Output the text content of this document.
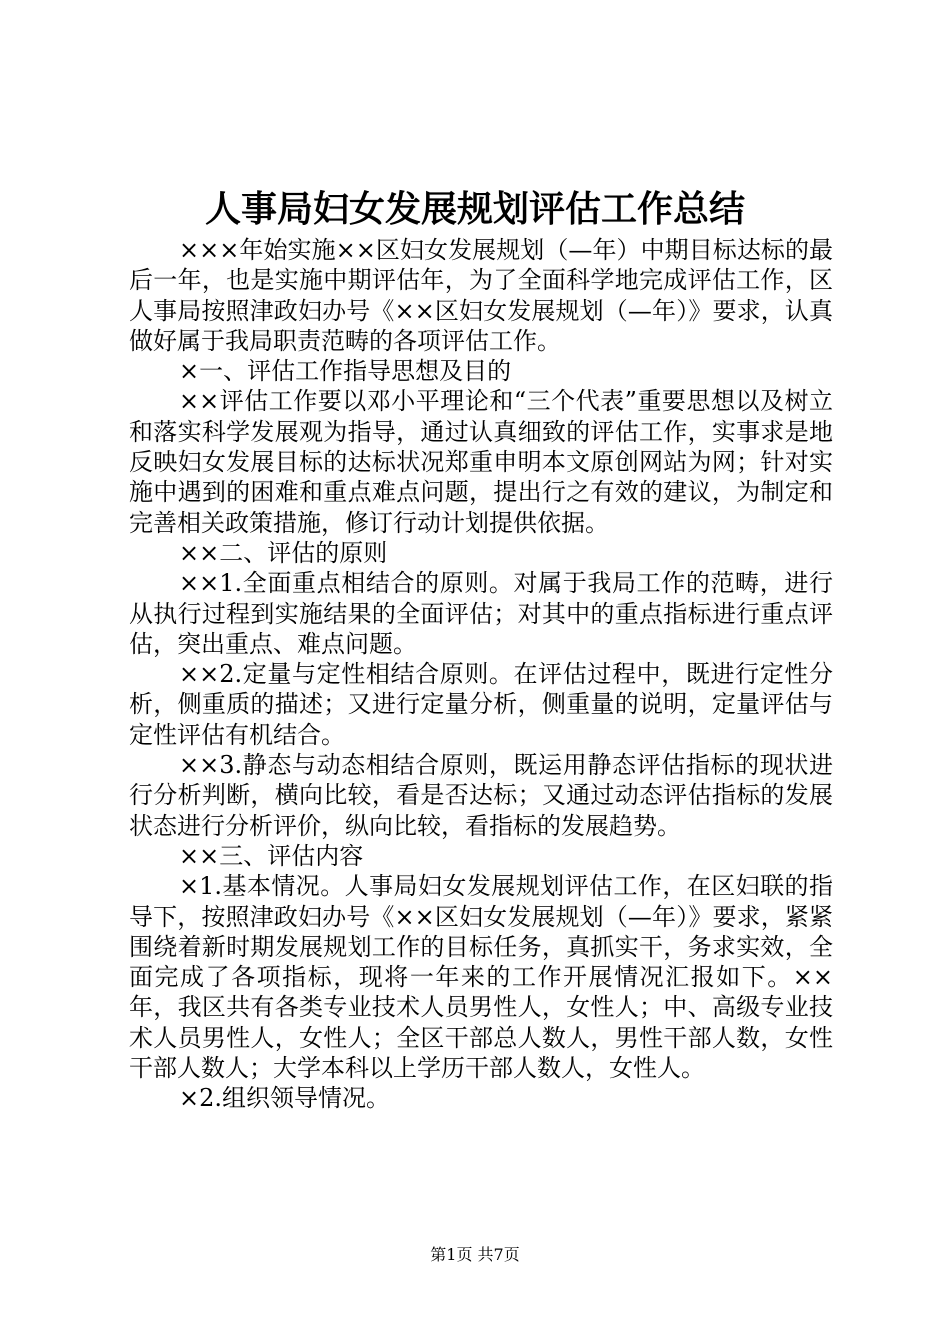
人事局妇女发展规划评估工作总结

×××年始实施××区妇女发展规划（—年）中期目标达标的最后一年，也是实施中期评估年，为了全面科学地完成评估工作，区人事局按照津政妇办号《××区妇女发展规划（—年）》要求，认真做好属于我局职责范畴的各项评估工作。

×一、评估工作指导思想及目的

××评估工作要以邓小平理论和“三个代表”重要思想以及树立和落实科学发展观为指导，通过认真细致的评估工作，实事求是地反映妇女发展目标的达标状况郑重申明本文原创网站为网；针对实施中遇到的困难和重点难点问题，提出行之有效的建议，为制定和完善相关政策措施，修订行动计划提供依据。

××二、评估的原则

××1.全面重点相结合的原则。对属于我局工作的范畴，进行从执行过程到实施结果的全面评估；对其中的重点指标进行重点评估，突出重点、难点问题。

××2.定量与定性相结合原则。在评估过程中，既进行定性分析，侧重质的描述；又进行定量分析，侧重量的说明，定量评估与定性评估有机结合。

××3.静态与动态相结合原则，既运用静态评估指标的现状进行分析判断，横向比较，看是否达标；又通过动态评估指标的发展状态进行分析评价，纵向比较，看指标的发展趋势。

××三、评估内容

×1.基本情况。人事局妇女发展规划评估工作，在区妇联的指导下，按照津政妇办号《××区妇女发展规划（—年）》要求，紧紧围绕着新时期发展规划工作的目标任务，真抓实干，务求实效，全面完成了各项指标，现将一年来的工作开展情况汇报如下。××年，我区共有各类专业技术人员男性人，女性人；中、高级专业技术人员男性人，女性人；全区干部总人数人，男性干部人数，女性干部人数人；大学本科以上学历干部人数人，女性人。

×2.组织领导情况。

第1页 共7页
